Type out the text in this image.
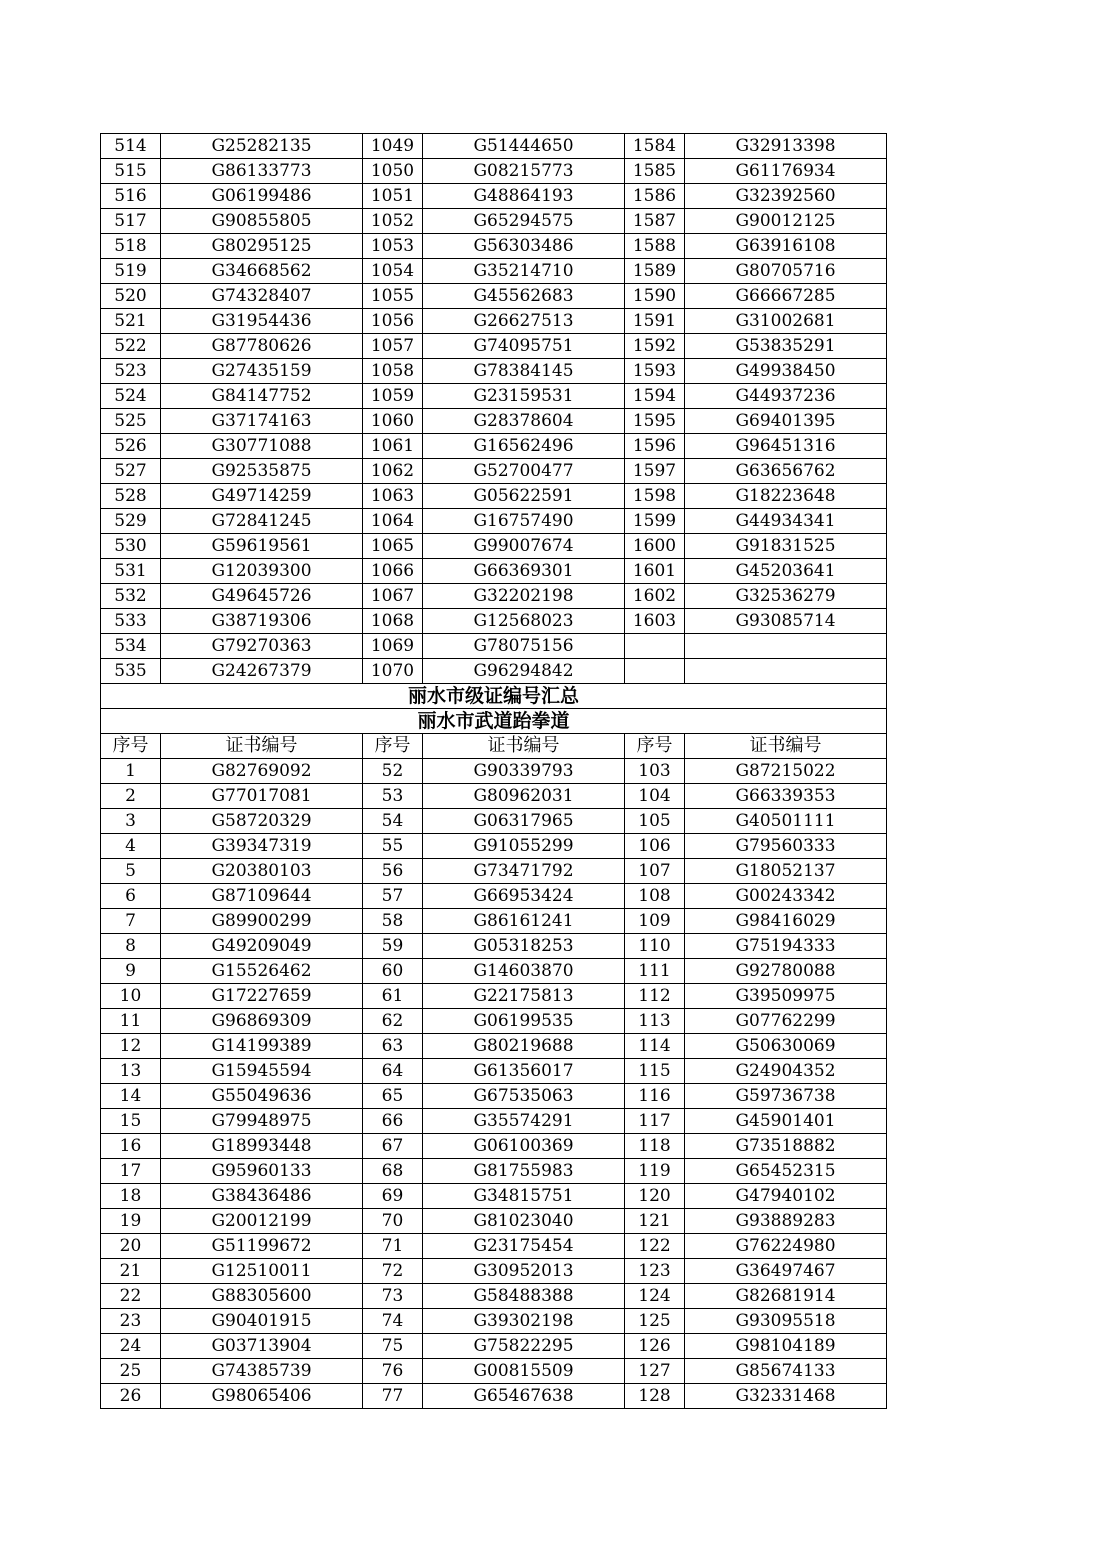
514	G25282135	1049	G51444650	1584	G32913398
515	G86133773	1050	G08215773	1585	G61176934
516	G06199486	1051	G48864193	1586	G32392560
517	G90855805	1052	G65294575	1587	G90012125
518	G80295125	1053	G56303486	1588	G63916108
519	G34668562	1054	G35214710	1589	G80705716
520	G74328407	1055	G45562683	1590	G66667285
521	G31954436	1056	G26627513	1591	G31002681
522	G87780626	1057	G74095751	1592	G53835291
523	G27435159	1058	G78384145	1593	G49938450
524	G84147752	1059	G23159531	1594	G44937236
525	G37174163	1060	G28378604	1595	G69401395
526	G30771088	1061	G16562496	1596	G96451316
527	G92535875	1062	G52700477	1597	G63656762
528	G49714259	1063	G05622591	1598	G18223648
529	G72841245	1064	G16757490	1599	G44934341
530	G59619561	1065	G99007674	1600	G91831525
531	G12039300	1066	G66369301	1601	G45203641
532	G49645726	1067	G32202198	1602	G32536279
533	G38719306	1068	G12568023	1603	G93085714
534	G79270363	1069	G78075156		
535	G24267379	1070	G96294842		
丽水市级证编号汇总					
丽水市武道跆拳道					
序号	证书编号	序号	证书编号	序号	证书编号
1	G82769092	52	G90339793	103	G87215022
2	G77017081	53	G80962031	104	G66339353
3	G58720329	54	G06317965	105	G40501111
4	G39347319	55	G91055299	106	G79560333
5	G20380103	56	G73471792	107	G18052137
6	G87109644	57	G66953424	108	G00243342
7	G89900299	58	G86161241	109	G98416029
8	G49209049	59	G05318253	110	G75194333
9	G15526462	60	G14603870	111	G92780088
10	G17227659	61	G22175813	112	G39509975
11	G96869309	62	G06199535	113	G07762299
12	G14199389	63	G80219688	114	G50630069
13	G15945594	64	G61356017	115	G24904352
14	G55049636	65	G67535063	116	G59736738
15	G79948975	66	G35574291	117	G45901401
16	G18993448	67	G06100369	118	G73518882
17	G95960133	68	G81755983	119	G65452315
18	G38436486	69	G34815751	120	G47940102
19	G20012199	70	G81023040	121	G93889283
20	G51199672	71	G23175454	122	G76224980
21	G12510011	72	G30952013	123	G36497467
22	G88305600	73	G58488388	124	G82681914
23	G90401915	74	G39302198	125	G93095518
24	G03713904	75	G75822295	126	G98104189
25	G74385739	76	G00815509	127	G85674133
26	G98065406	77	G65467638	128	G32331468
